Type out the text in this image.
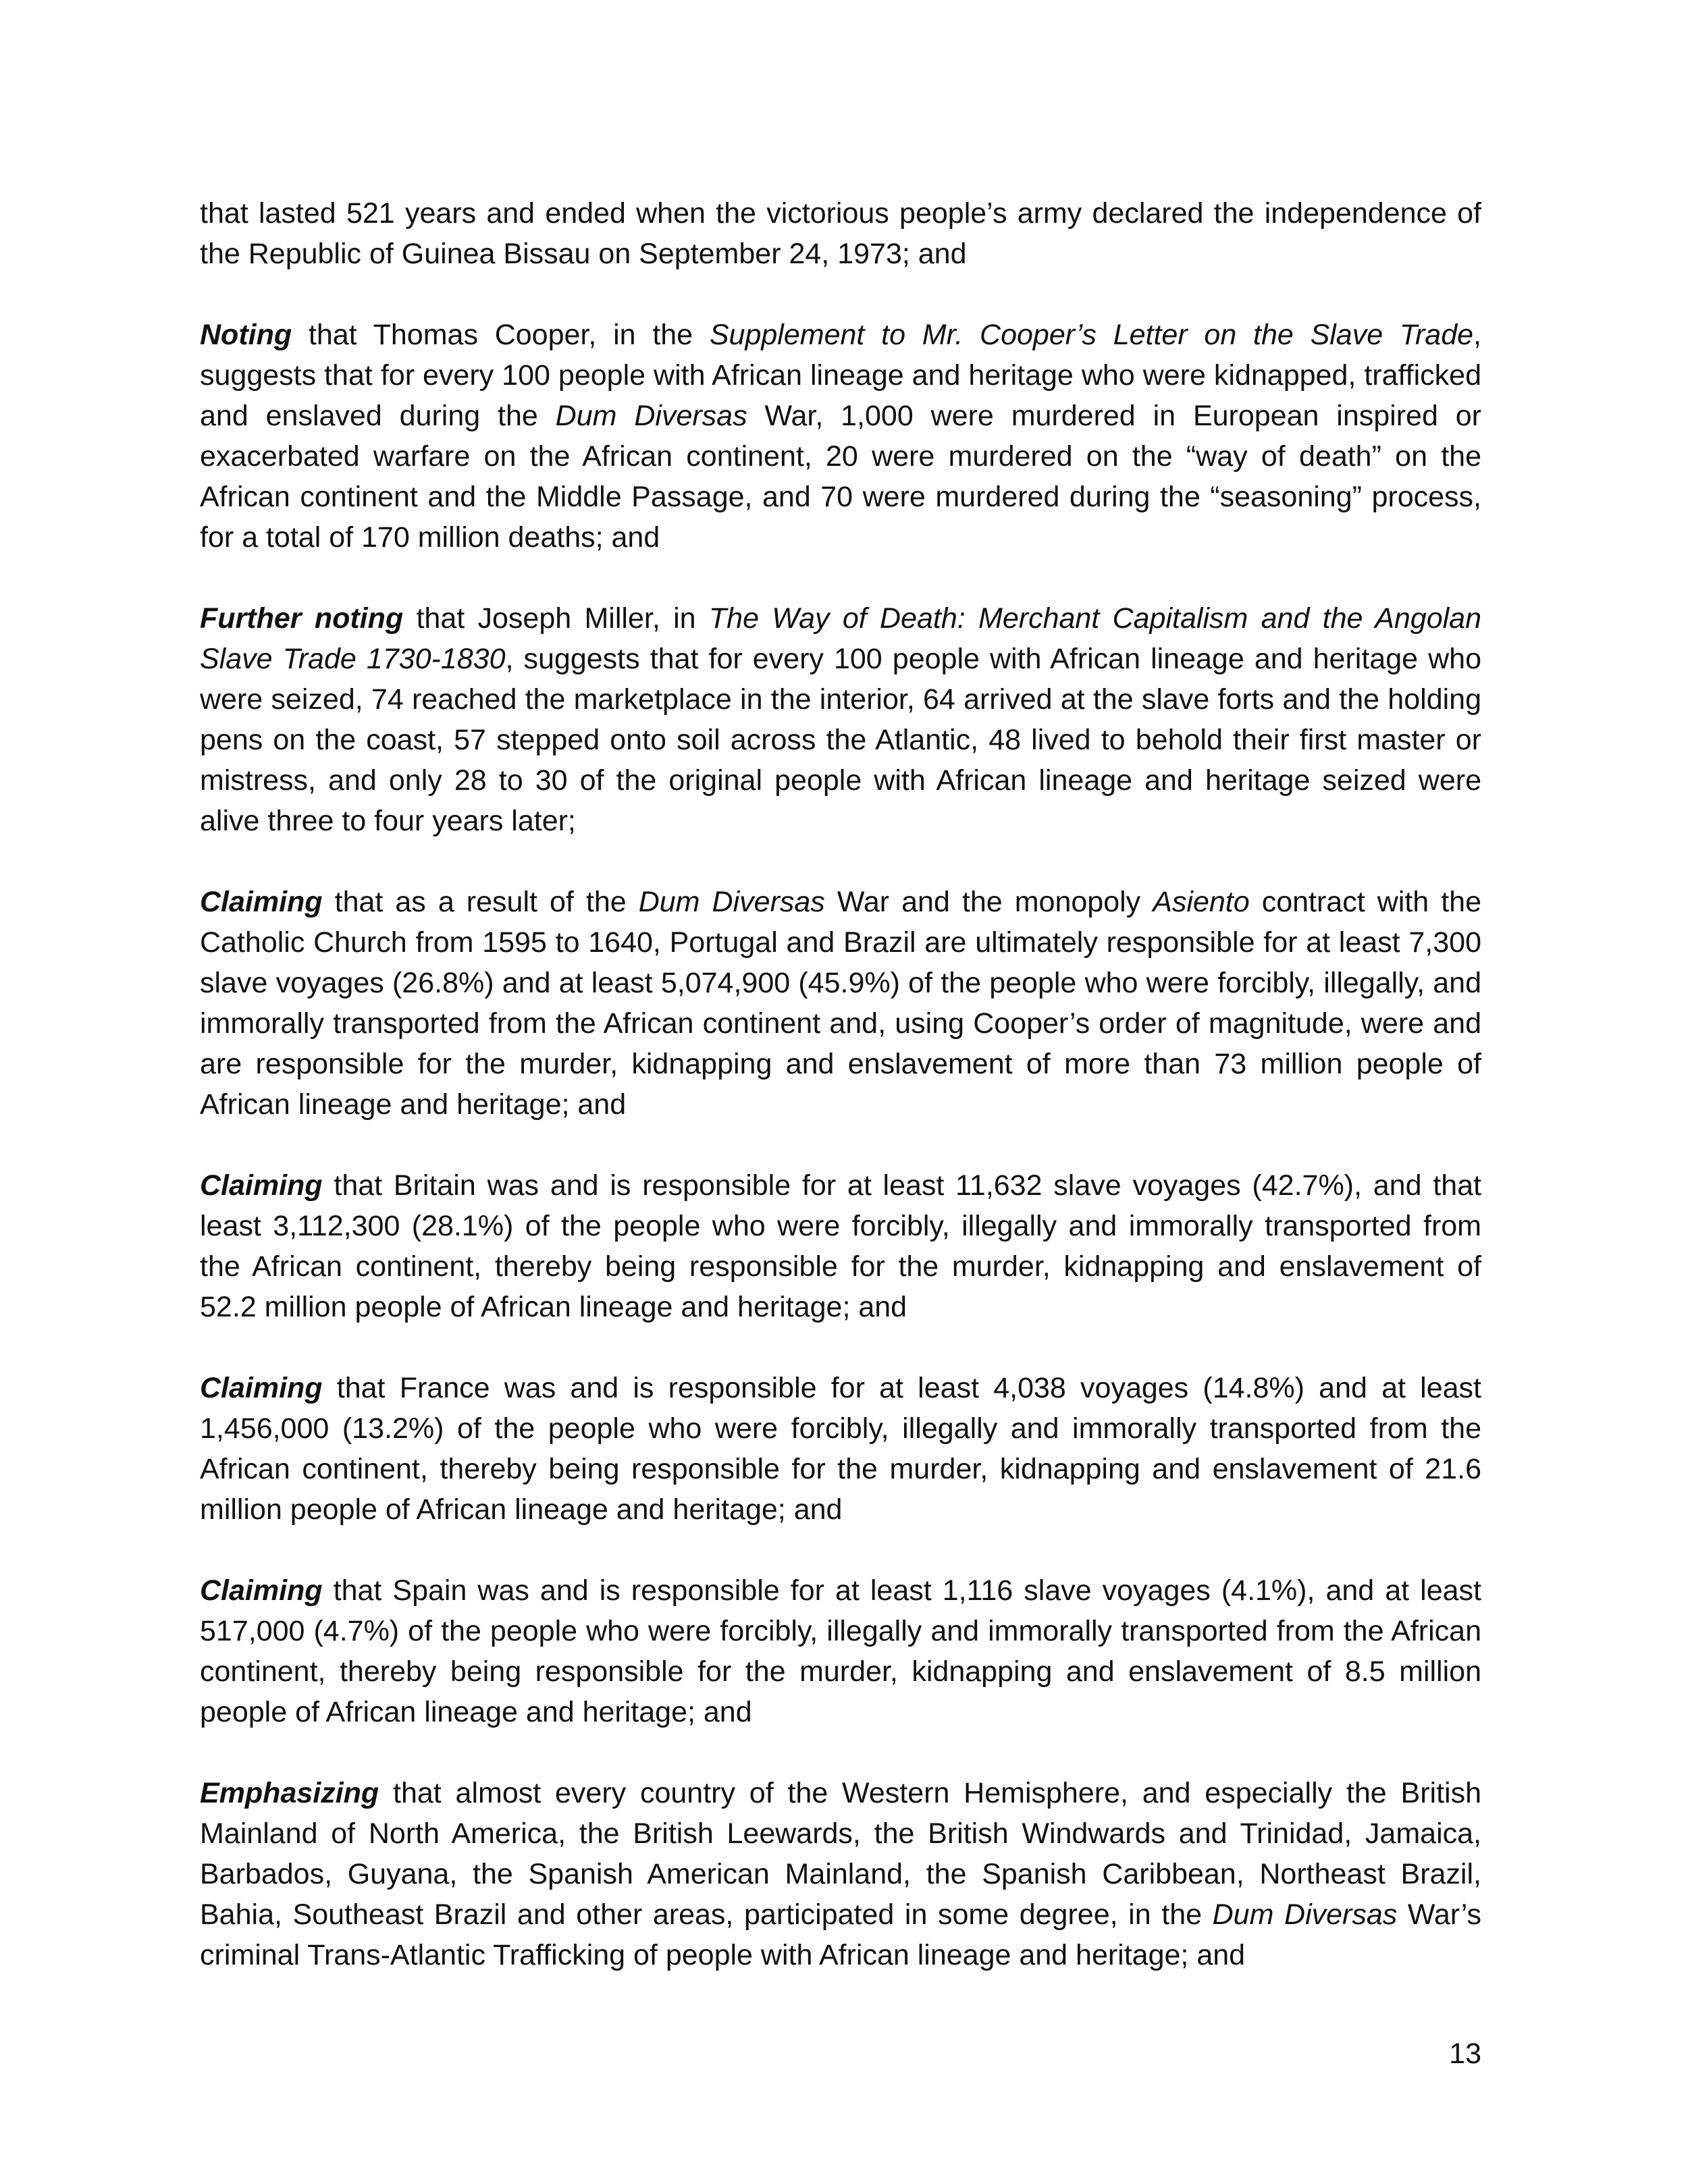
that lasted 521 years and ended when the victorious people’s army declared the independence of the Republic of Guinea Bissau on September 24, 1973; and

Noting that Thomas Cooper, in the Supplement to Mr. Cooper’s Letter on the Slave Trade, suggests that for every 100 people with African lineage and heritage who were kidnapped, trafficked and enslaved during the Dum Diversas War, 1,000 were murdered in European inspired or exacerbated warfare on the African continent, 20 were murdered on the “way of death” on the African continent and the Middle Passage, and 70 were murdered during the “seasoning” process, for a total of 170 million deaths; and

Further noting that Joseph Miller, in The Way of Death: Merchant Capitalism and the Angolan Slave Trade 1730-1830, suggests that for every 100 people with African lineage and heritage who were seized, 74 reached the marketplace in the interior, 64 arrived at the slave forts and the holding pens on the coast, 57 stepped onto soil across the Atlantic, 48 lived to behold their first master or mistress, and only 28 to 30 of the original people with African lineage and heritage seized were alive three to four years later;

Claiming that as a result of the Dum Diversas War and the monopoly Asiento contract with the Catholic Church from 1595 to 1640, Portugal and Brazil are ultimately responsible for at least 7,300 slave voyages (26.8%) and at least 5,074,900 (45.9%) of the people who were forcibly, illegally, and immorally transported from the African continent and, using Cooper’s order of magnitude, were and are responsible for the murder, kidnapping and enslavement of more than 73 million people of African lineage and heritage; and

Claiming that Britain was and is responsible for at least 11,632 slave voyages (42.7%), and that least 3,112,300 (28.1%) of the people who were forcibly, illegally and immorally transported from the African continent, thereby being responsible for the murder, kidnapping and enslavement of 52.2 million people of African lineage and heritage; and

Claiming that France was and is responsible for at least 4,038 voyages (14.8%) and at least 1,456,000 (13.2%) of the people who were forcibly, illegally and immorally transported from the African continent, thereby being responsible for the murder, kidnapping and enslavement of 21.6 million people of African lineage and heritage; and

Claiming that Spain was and is responsible for at least 1,116 slave voyages (4.1%), and at least 517,000 (4.7%) of the people who were forcibly, illegally and immorally transported from the African continent, thereby being responsible for the murder, kidnapping and enslavement of 8.5 million people of African lineage and heritage; and

Emphasizing that almost every country of the Western Hemisphere, and especially the British Mainland of North America, the British Leewards, the British Windwards and Trinidad, Jamaica, Barbados, Guyana, the Spanish American Mainland, the Spanish Caribbean, Northeast Brazil, Bahia, Southeast Brazil and other areas, participated in some degree, in the Dum Diversas War’s criminal Trans-Atlantic Trafficking of people with African lineage and heritage; and

13
